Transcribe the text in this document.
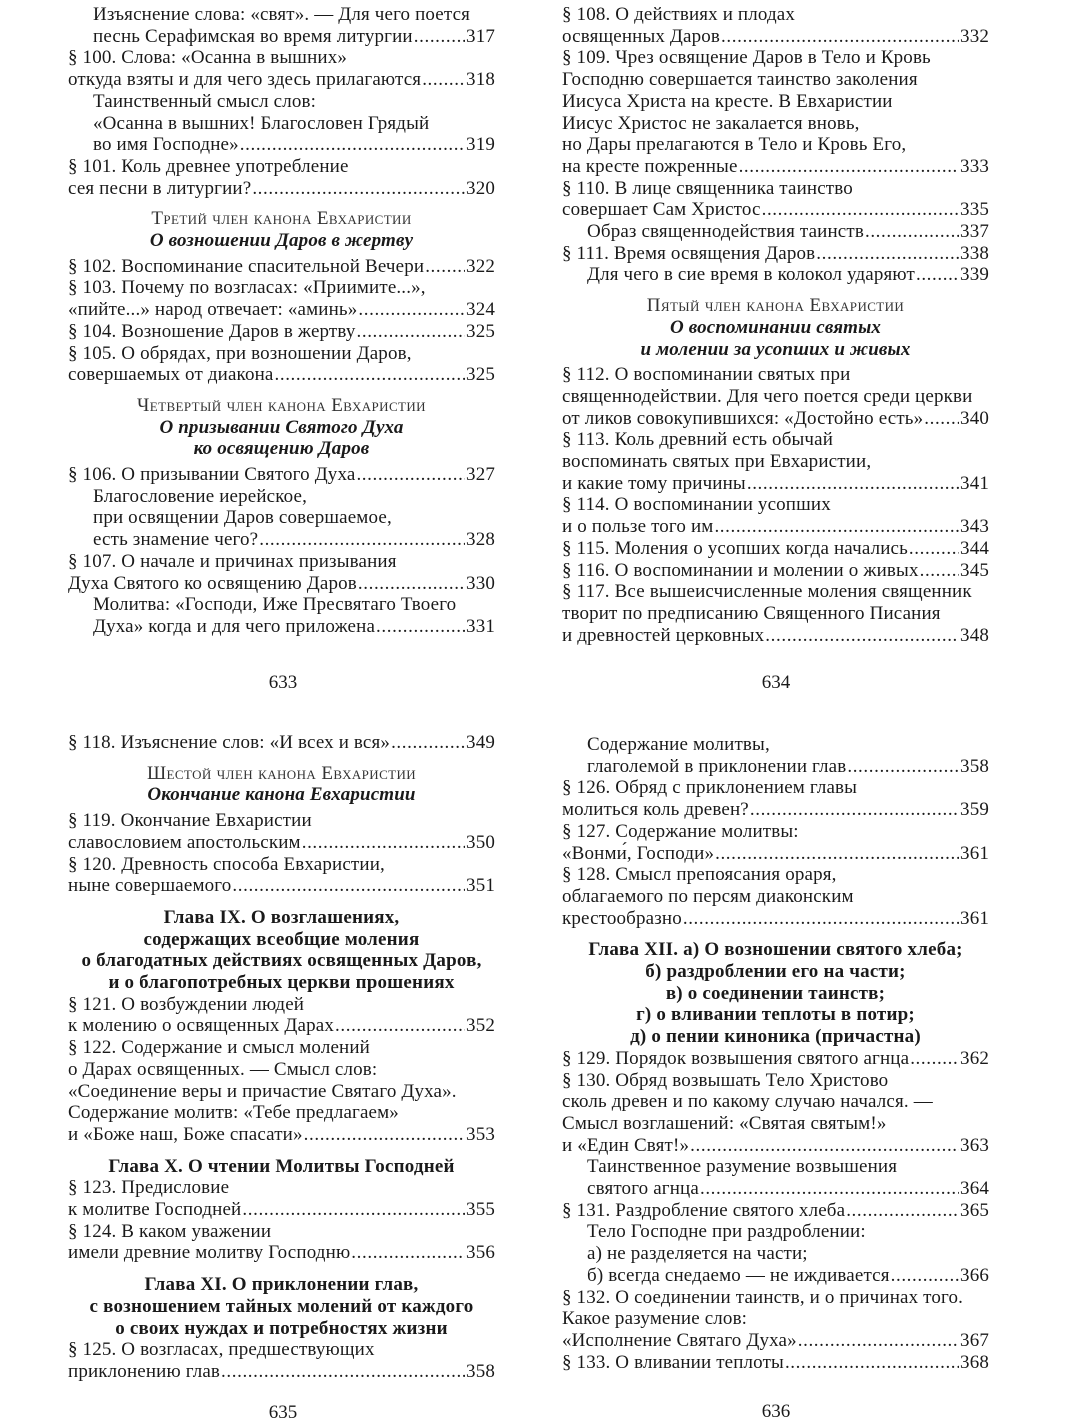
Изъяснение слова: «свят». — Для чего поется
песнь Серафимская во время литургии .....	317
§ 100. Слова: «Осанна в вышних»
откуда взяты и для чего здесь прилагаются ..... 318
Таинственный смысл слов:
«Осанна в вышних! Благословен Грядый
во имя Господне» .....	319
§ 101. Коль древнее употребление
сея песни в литургии? .....	320
Третий член канона Евхаристии
О возношении Даров в жертву
§ 102. Воспоминание спасительной Вечери ..... 322
§ 103. Почему по возгласах: «Приимите...»,
«пийте...» народ отвечает: «аминь» .....	324
§ 104. Возношение Даров в жертву .....	325
§ 105. О обрядах, при возношении Даров,
совершаемых от диакона .....	325
Четвертый член канона Евхаристии
О призывании Святого Духа
ко освящению Даров
§ 106. О призывании Святого Духа .....	327
Благословение иерейское,
при освящении Даров совершаемое,
есть знамение чего? .....	328
§ 107. О начале и причинах призывания
Духа Святого ко освящению Даров .....	330
Молитва: «Господи, Иже Пресвятаго Твоего
Духа» когда и для чего приложена .....	331
§ 108. О действиях и плодах
освященных Даров .....	332
§ 109. Чрез освящение Даров в Тело и Кровь
Господню совершается таинство заколения
Иисуса Христа на кресте. В Евхаристии
Иисус Христос не закалается вновь,
но Дары прелагаются в Тело и Кровь Его,
на кресте пожренные .....	333
§ 110. В лице священника таинство
совершает Сам Христос .....	335
Образ священнодействия таинств .....	337
§ 111. Время освящения Даров .....	338
Для чего в сие время в колокол ударяют ..... 339
Пятый член канона Евхаристии
О воспоминании святых
и молении за усопших и живых
§ 112. О воспоминании святых при
священнодействии. Для чего поется среди церкви
от ликов совокупившихся: «Достойно есть» ..... 340
§ 113. Коль древний есть обычай
воспоминать святых при Евхаристии,
и какие тому причины .....	341
§ 114. О воспоминании усопших
и о пользе того им .....	343
§ 115. Моления о усопших когда начались .....	344
§ 116. О воспоминании и молении о живых ..... 345
§ 117. Все вышеисчисленные моления священник
творит по предписанию Священного Писания
и древностей церковных .....	348
§ 118. Изъяснение слов: «И всех и вся» .....	349
Шестой член канона Евхаристии
Окончание канона Евхаристии
§ 119. Окончание Евхаристии
славословием апостольским .....	350
§ 120. Древность способа Евхаристии,
ныне совершаемого .....	351
Глава IX. О возглашениях,
содержащих всеобщие моления
о благодатных действиях освященных Даров,
и о благопотребных церкви прошениях
§ 121. О возбуждении людей
к молению о освященных Дарах .....	352
§ 122. Содержание и смысл молений
о Дарах освященных. — Смысл слов:
«Соединение веры и причастие Святаго Духа».
Содержание молитв: «Тебе предлагаем»
и «Боже наш, Боже спасати» .....	353
Глава X. О чтении Молитвы Господней
§ 123. Предисловие
к молитве Господней .....	355
§ 124. В каком уважении
имели древние молитву Господню .....	356
Глава XI. О приклонении глав,
с возношением тайных молений от каждого
о своих нуждах и потребностях жизни
§ 125. О возгласах, предшествующих
приклонению глав .....	358
Содержание молитвы,
глаголемой в приклонении глав .....	358
§ 126. Обряд с приклонением главы
молиться коль древен? .....	359
§ 127. Содержание молитвы:
«Вонми́, Господи» .....	361
§ 128. Смысл препоясания ораря,
облагаемого по персям диаконским
крестообразно .....	361
Глава XII. а) О возношении святого хлеба;
б) раздроблении его на части;
в) о соединении таинств;
г) о вливании теплоты в потир;
д) о пении киноника (причастна)
§ 129. Порядок возвышения святого агнца .....	362
§ 130. Обряд возвышать Тело Христово
сколь древен и по какому случаю начался. —
Смысл возглашений: «Святая святым!»
и «Един Свят!» .....	363
Таинственное разумение возвышения
святого агнца .....	364
§ 131. Раздробление святого хлеба .....	365
Тело Господне при раздроблении:
а) не разделяется на части;
б) всегда снедаемо — не иждивается .....	366
§ 132. О соединении таинств, и о причинах того.
Какое разумение слов:
«Исполнение Святаго Духа» .....	367
§ 133. О вливании теплоты .....	368
633	634
635	636
